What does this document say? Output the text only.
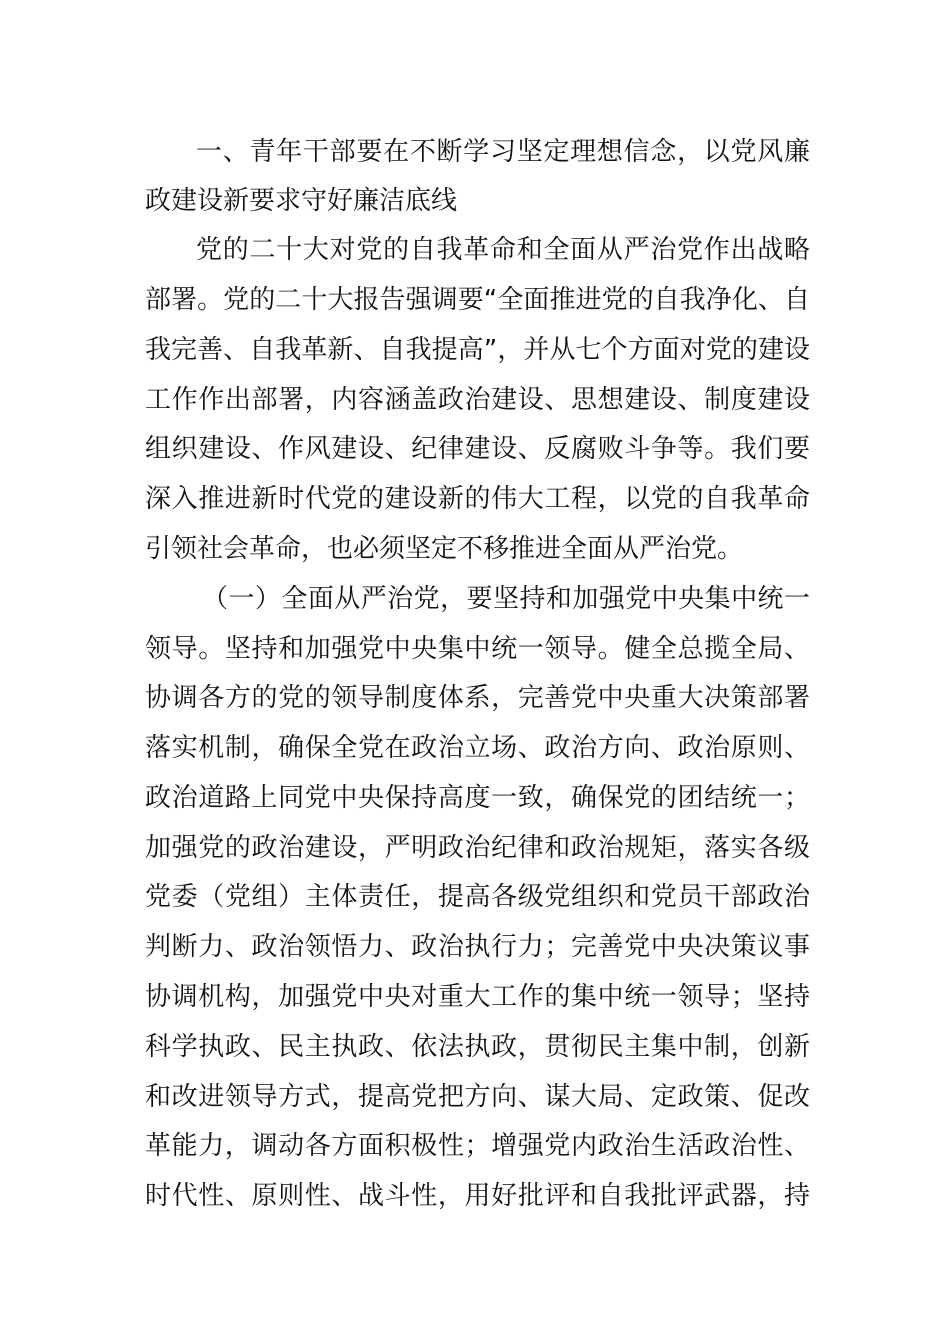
一、青年干部要在不断学习坚定理想信念，以党风廉
政建设新要求守好廉洁底线
党的二十大对党的自我革命和全面从严治党作出战略
部署。党的二十大报告强调要“全面推进党的自我净化、自
我完善、自我革新、自我提高”，并从七个方面对党的建设
工作作出部署，内容涵盖政治建设、思想建设、制度建设
组织建设、作风建设、纪律建设、反腐败斗争等。我们要
深入推进新时代党的建设新的伟大工程，以党的自我革命
引领社会革命，也必须坚定不移推进全面从严治党。
（一）全面从严治党，要坚持和加强党中央集中统一
领导。坚持和加强党中央集中统一领导。健全总揽全局、
协调各方的党的领导制度体系，完善党中央重大决策部署
落实机制，确保全党在政治立场、政治方向、政治原则、
政治道路上同党中央保持高度一致，确保党的团结统一；
加强党的政治建设，严明政治纪律和政治规矩，落实各级
党委（党组）主体责任，提高各级党组织和党员干部政治
判断力、政治领悟力、政治执行力；完善党中央决策议事
协调机构，加强党中央对重大工作的集中统一领导；坚持
科学执政、民主执政、依法执政，贯彻民主集中制，创新
和改进领导方式，提高党把方向、谋大局、定政策、促改
革能力，调动各方面积极性；增强党内政治生活政治性、
时代性、原则性、战斗性，用好批评和自我批评武器，持
